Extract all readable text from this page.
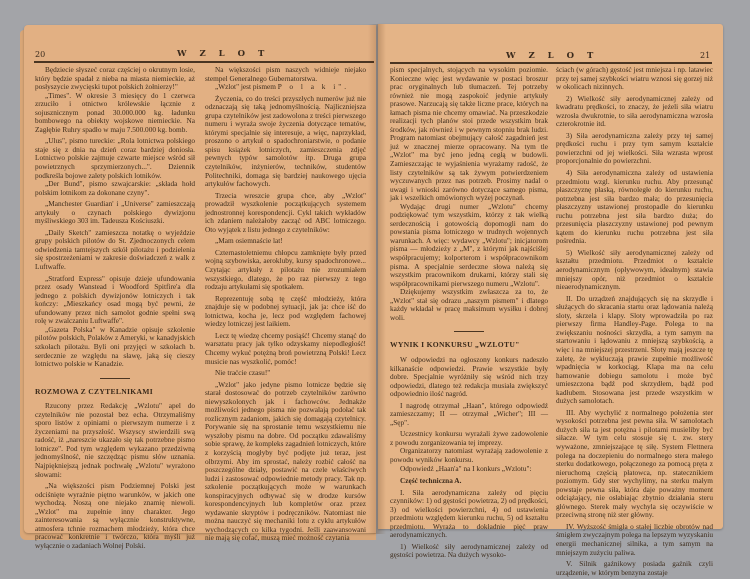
20	W Z L O T

Będziecie słyszeć coraz częściej o okrutnym losie, który będzie spadał z nieba na miasta niemieckie, aż posłyszycie zwycięski tupot polskich żołnierzy!"

„Times". W okresie 3 miesięcy do 1 czerwca zrzuciło i otnictwo królewskie łącznie z sojusznicznym ponad 30.000.000 kg. ładunku bombowego na obiekty wojskowe niemieckie. Na Zagłębie Ruhry spadło w maju 7.500.000 kg. bomb.

„Ulus", pismo tureckie: „Rola lotnictwa polskiego staje się z dnia na dzień coraz bardziej doniosła. Lotnictwo polskie zajmuje czwarte miejsce wśród sił powietrznych sprzymierzonych...". Dziennik podkreśla bojowe zalety polskich lotników.

„Der Bund", pismo szwajcarskie: „składa hołd polskim lotnikom za dokonane czyny".

„Manchester Guardian' i „Universe" zamieszczają artykuły o czynach polskiego dywizjonu myśliwskiego 303 im. Tadeusza Kościuszki.

„Daily Sketch" zamieszcza notatkę o wyjeździe grupy polskich pilotów do St. Zjednoczonych celem odwiedzenia tamtejszych szkół pilotażu i podzielenia się spostrzeżeniami w zakresie doświadczeń z walk z Luftwaffe.

„Stratford Express" opisuje dzieje ufundowania przez osady Wanstead i Woodford Spitfire'a dla jednego z polskich dywizjonów lotniczych i tak kończy: „Mieszkańcy osad mogą być pewni, że ufundowany przez nich samolot godnie spełni swą rolę w zwalczaniu Luftwaffe".

„Gazeta Polska" w Kanadzie opisuje szkolenie pilotów polskich, Polaków z Ameryki, w kanadyjskich szkołach pilotażu. Byli oni przyjęci w szkołach b. serdecznie ze względu na sławę, jaką się cieszy lotnictwo polskie w Kanadzie.

ROZMOWA Z CZYTELNIKAMI

Rzucony przez Redakcję „Wzlotu" apel do czytelników nie pozostał bez echa. Otrzymaliśmy sporo listów z opiniami o pierwszym numerze i z życzeniami na przyszłość. Wszyscy stwierdzili swą radość, iż „nareszcie ukazało się tak potrzebne pismo lotnicze". Pod tym względem wykazano przedziwną jednomyślność, nie szczędząc pismu słów uznania. Najpiękniejszą jednak pochwałę „Wzlotu" wyrażono słowami:

„Na większości pism Podziemnej Polski jest odciśnięte wyraźnie piętno warunków, w jakich one wychodzą. Noszą one niejako znamię niewoli. „Wzlot" ma zupełnie inny charakter. Jego zainteresowania są wyłącznie konstruktywne, atmosfera tchnie rozmachem młodzieży, która chce pracować konkretnie i twórczo, która myśli już wyłącznie o zadaniach Wolnej Polski.

Na większości pism naszych widnieje niejako stempel Generalnego Gubernatorstwa.

„Wzlot" jest pismem P o l a k i".

Życzenia, co do treści przyszłych numerów już nie odznaczają się taką jednomyślnością. Najliczniejsza grupa czytelników jest zadowolona z treści pierwszego numeru i wyraża swoje życzenia dotyczące tematów, którymi specjalnie się interesuje, a więc, naprzykład, proszono o artykuł o spadochroniarstwie, o podanie spisu książek lotniczych, zamieszczenia zdjęć pewnych typów samolotów itp. Druga grupa czytelników, inżynierów, techników, studentów Politechniki, domaga się bardziej naukowego ujęcia artykułów fachowych.

Trzecia wreszcie grupa chce, aby „Wzlot" prowadził wyszkolenie początkujących systemem jednostronnej korespondencji. Cykl takich wykładów ich zdaniem należałoby zacząć od ABC lotniczego. Oto wyjątek z listu jednego z czytelników:

„Mam osiemnaście lat!

Czternastoletniemu chłopcu zamknięte były przed wojną szybowiska, aerokluby, kursy spadochronowe... Czytając artykuły z pilotażu nie zrozumiałem wszystkiego, dlatego, że po raz pierwszy z tego rodzaju artykułami się spotkałem.

Reprezentuję sobą tę część młodzieży, która znajduje się w podobnej sytuacji, jak ja: chce iść do lotnictwa, kocha je, lecz pod względem fachowej wiedzy lotniczej jest laikiem.

Lecz tę wiedzę chcemy posiąść! Chcemy stanąć do warsztatu pracy jak tylko odzyskamy niepodległość! Chcemy wykuć potężną broń powietrzną Polski! Lecz musicie nas wyszkolić, pomóc!

Nie traćcie czasu!"

„Wzlot" jako jedyne pismo lotnicze będzie się starał dostosować do potrzeb czytelników zarówno niewyszkolonych jak i fachowców. Jednakże możliwości jednego pisma nie pozwalają podołać tak rozlicznym zadaniom, jakich się domagają czytelnicy. Porywanie się na sprostanie temu wszystkiemu nie wyszłoby pismu na dobre. Od początku zdawaliśmy sobie sprawę, że kompleks zagadnień lotniczych, które z korzyścią mogłyby być podjęte już teraz, jest olbrzymi. Aby im sprostać, należy rozbić całość na poszczególne działy, postawić na czele właściwych ludzi i zastosować odpowiednie metody pracy. Tak np. szkolenie początkujących może w warunkach konspiracyjnych odbywać się w drodze kursów korespondencyjnych lub kompletów oraz przez wydawanie skryptów i podręczników. Natomiast nie można nauczyć się mechaniki lotu z cyklu artykułów wychodzących co kilka tygodni. Jeśli zaawansowani nie mają się cofać, muszą mieć możność czytania

W Z L O T	21

pism specjalnych, stojących na wysokim poziomie. Konieczne więc jest wydawanie w postaci broszur prac oryginalnych lub tłumaczeń. Tej potrzeby również nie mogą zaspokoić jedynie artykuły prasowe. Narzucają się także liczne prace, których na łamach pisma nie chcemy omawiać. Na przeszkodzie realizacji tych planów stoi przede wszystkim brak środków, jak również i w pewnym stopniu brak ludzi. Program natomiast obejmujący całość zagadnień jest już w znacznej mierze opracowany. Na tym tle „Wzlot" ma być jeno jedną cegłą w budowli. Zamieszczając te wyjaśnienia wyrażamy radość, że listy czytelników są tak żywym potwierdzeniem wyczuwanych przez nas potrzeb. Prosimy nadal o uwagi i wnioski zarówno dotyczące samego pisma, jak i wszelkich omówionych wyżej poczynań.

Wydając drugi numer „Wzlotu" chcemy podziękować tym wszystkim, którzy z tak wielką serdecznością i gotowością dopomogli nam do powstania pisma lotniczego w trudnych wojennych warunkach. A więc: wydawcy „Wzlotu"; inicjatorom pisma — młodzieży z „M", z którymi jak najściślej współpracujemy; kolporterom i współpracownikom pisma. A specjalnie serdeczne słowa należą się wszystkim pracownikom drukarni, którzy stali się współpracownikami pierwszego numeru „Wzlotu".

Dziękujemy wszystkim zwłaszcza za to, że „Wzlot" stał się odrazu „naszym pismem" i dlatego każdy wkładał w pracę maksimum wysiłku i dobrej woli.

WYNIK I KONKURSU „WZLOTU"

W odpowiedzi na ogłoszony konkurs nadeszło kilkanaście odpowiedzi. Prawie wszystkie były dobre. Specjalnie wyróżniły się wśród nich trzy odpowiedzi, dlatego też redakcja musiała zwiększyć odpowiednio ilość nagród.

I nagrodę otrzymał „Haan", którego odpowiedź zamieszczamy; II — otrzymał „Wicher"; III — „Sęp".

Uczestnicy konkursu wyrażali żywe zadowolenie z powodu zorganizowania tej imprezy.

Organizatorzy natomiast wyrażają zadowolenie z powodu wyników konkursu.

Odpowiedź „Haan'a" na I konkurs „Wzlotu":

Część techniczna A.

I. Siła aerodynamiczna zależy od pięciu czynników: 1) od gęstości powietrza, 2) od prędkości, 3) od wielkości powierzchni, 4) od ustawienia przedmiotu względem kierunku ruchu, 5) od kształtu przedmiotu. Wyraża to dokładnie pięć praw aerodynamicznych.

1) Wielkość siły aerodynamicznej zależy od gęstości powietrza. Na dużych wysoko-

ściach (w górach) gęstość jest mniejsza i np. latawiec przy tej samej szybkości wiatru wznosi się gorzej niż w okolicach nizinnych.

2) Wielkość siły aerodynamicznej zależy od kwadratu prędkości, to znaczy, że jeżeli siła wiatru wzrosła dwukrotnie, to siła aerodynamiczna wzrosła czterokrotnie itd.

3) Siła aerodynamiczna zależy przy tej samej prędkości ruchu i przy tym samym kształcie powierzchni od jej wielkości. Siła wzrasta wprost proporcjonalnie do powierzchni.

4) Siła aerodynamiczna zależy od ustawienia przedmiotu wzgl. kierunku ruchu. Aby przesunąć płaszczyznę płaską, równoległe do kierunku ruchu, potrzebna jest siła bardzo mała; do przesunięcia płaszczyzny ustawionej prostopadle do kierunku ruchu potrzebna jest siła bardzo duża; do przesunięcia płaszczyzny ustawionej pod pewnym kątem do kierunku ruchu potrzebna jest siła pośrednia.

5) Wielkość siły aerodynamicznej zależy od kształtu przedmiotu. Przedmiot o kształcie aerodynamicznym (opływowym, idealnym) stawia mniejszy opór, niż przedmiot o kształcie nieaerodynamicznym.

II. Do urządzeń znajdujących się na skrzydle i służących do skracania startu oraz lądowania należą sloty, skrzela i klapy. Sloty wprowadziła po raz pierwszy firma Handley-Page. Polega to na zwiększaniu nośności skrzydła, a tym samym na startowaniu i lądowaniu z mniejszą szybkością, a więc i na mniejszej przestrzeni. Sloty mają jeszcze tę zaletę, że wykluczają prawie zupełnie możliwość wpadnięcia w korkociąg. Klapa ma na celu hamowanie dobiegu samolotu i może być umieszczona bądź pod skrzydłem, bądź pod kadłubem. Stosowana jest przede wszystkim w dużych samolotach.

III. Aby wychylić z normalnego położenia ster wysokości potrzebna jest pewna siła. W samolotach dużych siła ta jest potężna i pilotami musieliby być siłacze. W tym celu stosuje się t. zw. stery wyważone, zmniejszające tę siłę. System Flettnera polega na doczepieniu do normalnego stera małego sterku dodatkowego, połączonego za pomocą pręta z nieruchomą częścią płatowca, np. statecznikiem poziomym. Gdy ster wychylimy, na sterku małym powstaje pewna siła, która daje poważny moment odciążający, nie osłabiając zbytnio działania steru głównego. Sterek mały wychyla się oczywiście w przeciwną stronę niż ster główny.

IV. Wyższość śmigła o stałej liczbie obrotów nad śmigłem zwyczajnym polega na lepszym wyzyskaniu energii mechanicznej silnika, a tym samym na mniejszym zużyciu paliwa.

V. Silnik gaźnikowy posiada gaźnik czyli urządzenie, w którym benzyna zostaje
